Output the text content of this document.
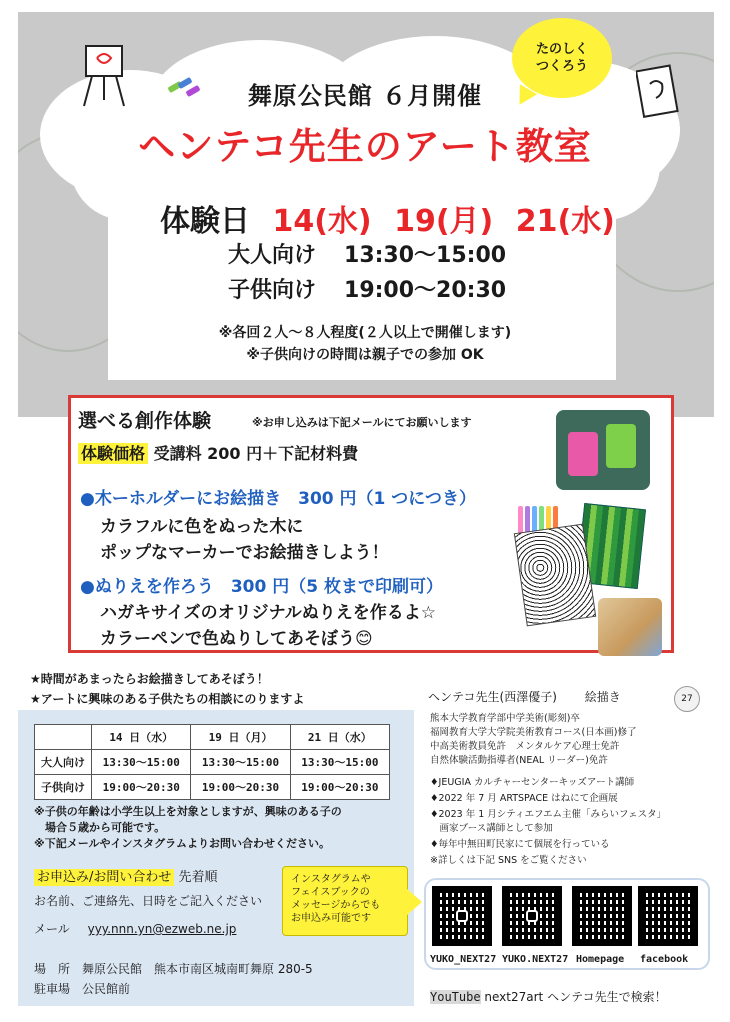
たのしく
つくろう
舞原公民館 ６月開催
ヘンテコ先生のアート教室
体験日 14(水) 19(月) 21(水)
大人向け 13:30～15:00
子供向け 19:00～20:30
※各回２人～８人程度(２人以上で開催します)
※子供向けの時間は親子での参加 OK
選べる創作体験	※お申し込みは下記メールにてお願いします
体験価格 受講料 200 円＋下記材料費
●木ーホルダーにお絵描き　300 円（1 つにつき）
カラフルに色をぬった木に
ポップなマーカーでお絵描きしよう！
●ぬりえを作ろう　300 円（5 枚まで印刷可）
ハガキサイズのオリジナルぬりえを作るよ☆
カラーペンで色ぬりしてあそぼう😊
★時間があまったらお絵描きしてあそぼう！
★アートに興味のある子供たちの相談にのりますよ
	14 日（水）	19 日（月）	21 日（水）
大人向け	13:30～15:00	13:30～15:00	13:30～15:00
子供向け	19:00～20:30	19:00～20:30	19:00～20:30
※子供の年齢は小学生以上を対象としますが、興味のある子の
　場合５歳から可能です。
※下記メールやインスタグラムよりお問い合わせください。
お申込み/お問い合わせ 先着順
お名前、ご連絡先、日時をご記入ください
メール yyy.nnn.yn@ezweb.ne.jp
場　所　舞原公民館　熊本市南区城南町舞原 280-5
駐車場　公民館前
インスタグラムや
フェイスブックの
メッセージからでも
お申込み可能です
ヘンテコ先生(西澤優子) 絵描き	27
熊本大学教育学部中学美術(彫刻)卒
福岡教育大学大学院美術教育コース(日本画)修了
中高美術教員免許　メンタルケア心理士免許
自然体験活動指導者(NEAL リーダー)免許
♦JEUGIA カルチャーセンターキッズアート講師
♦2022 年 7 月 ARTSPACE はねにて企画展
♦2023 年 1 月シティエフエム主催「みらいフェスタ」
　画家ブース講師として参加
♦毎年中無田町民家にて個展を行っている
※詳しくは下記 SNS をご覧ください
YUKO_NEXT27 YUKO.NEXT27 Homepage facebook
YouTube next27art ヘンテコ先生で検索！
